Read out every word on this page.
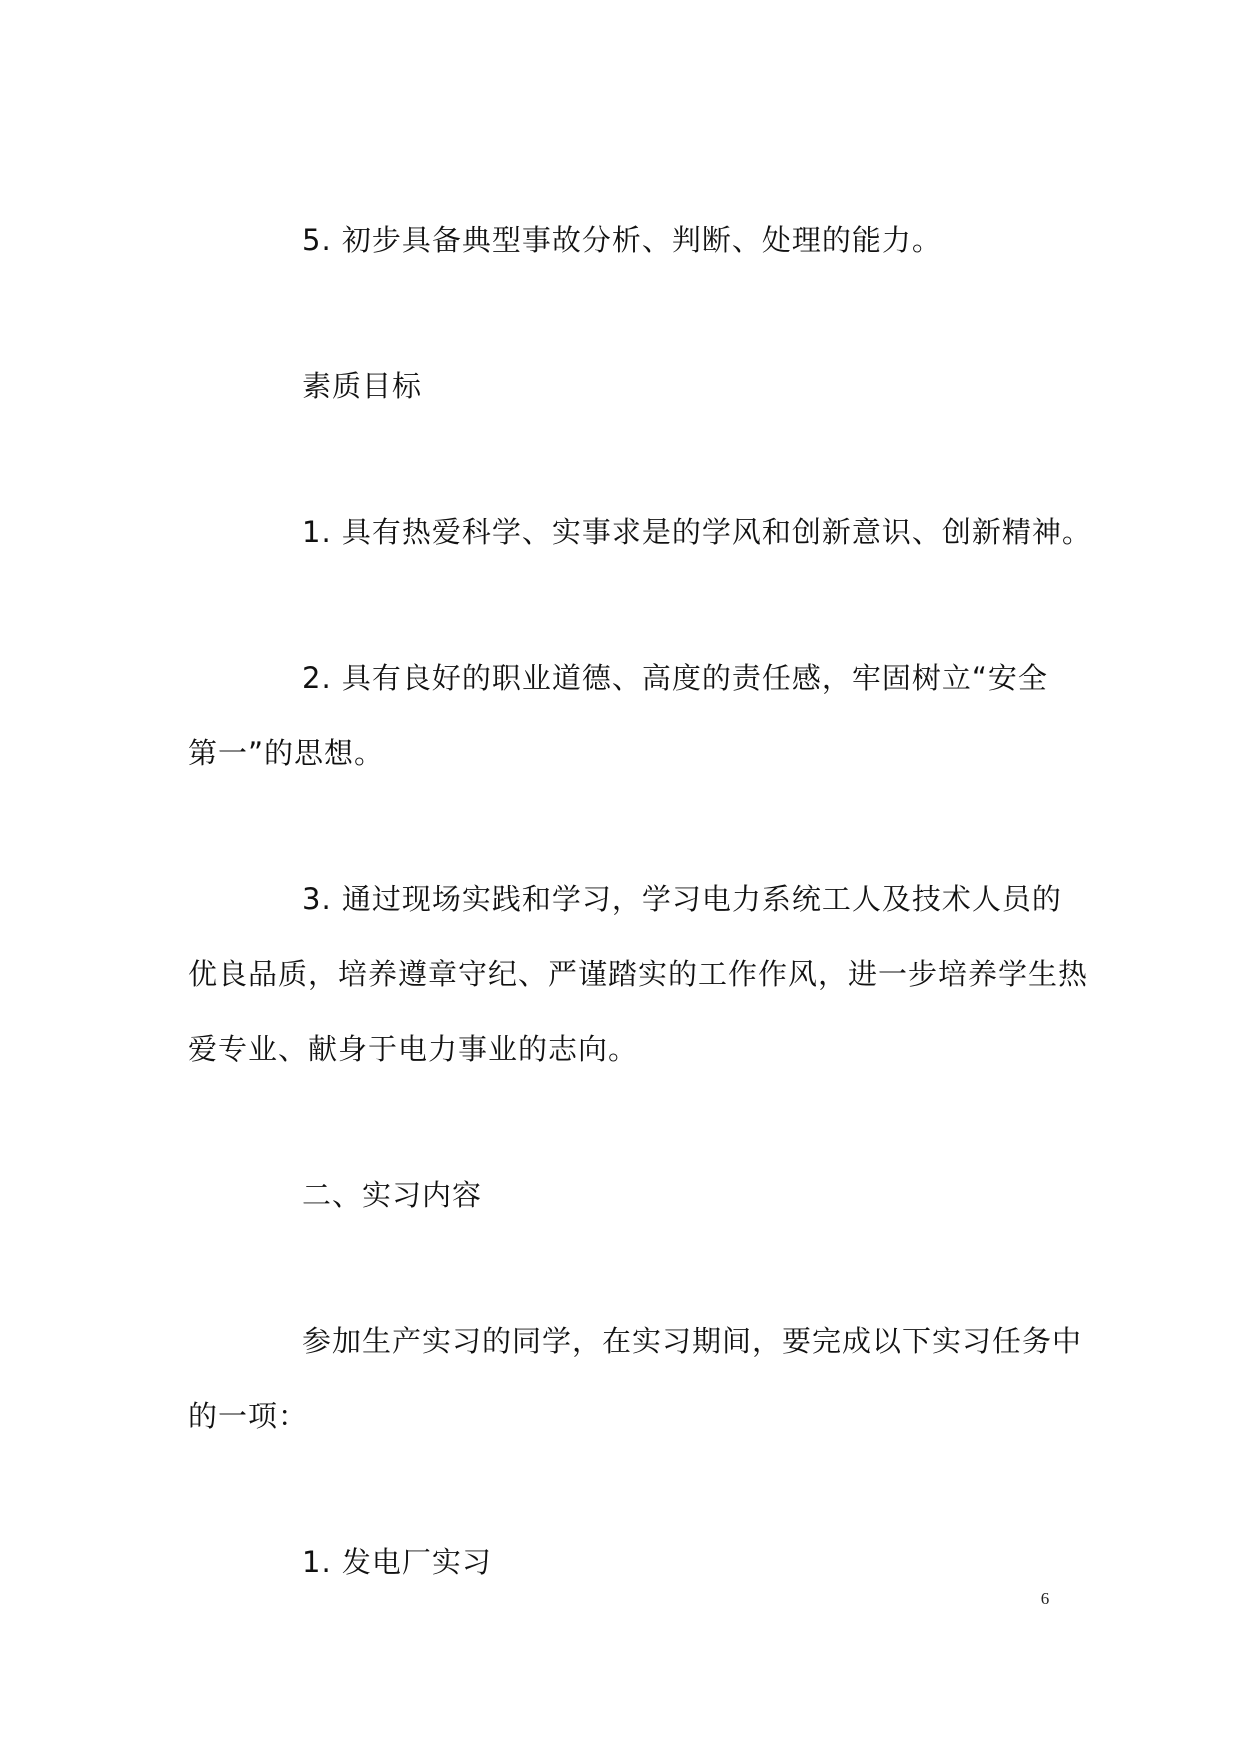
5. 初步具备典型事故分析、判断、处理的能力。
素质目标
1. 具有热爱科学、实事求是的学风和创新意识、创新精神。
2. 具有良好的职业道德、高度的责任感，牢固树立“安全
第一”的思想。
3. 通过现场实践和学习，学习电力系统工人及技术人员的
优良品质，培养遵章守纪、严谨踏实的工作作风，进一步培养学生热
爱专业、献身于电力事业的志向。
二、实习内容
参加生产实习的同学，在实习期间，要完成以下实习任务中
的一项：
1. 发电厂实习
6
